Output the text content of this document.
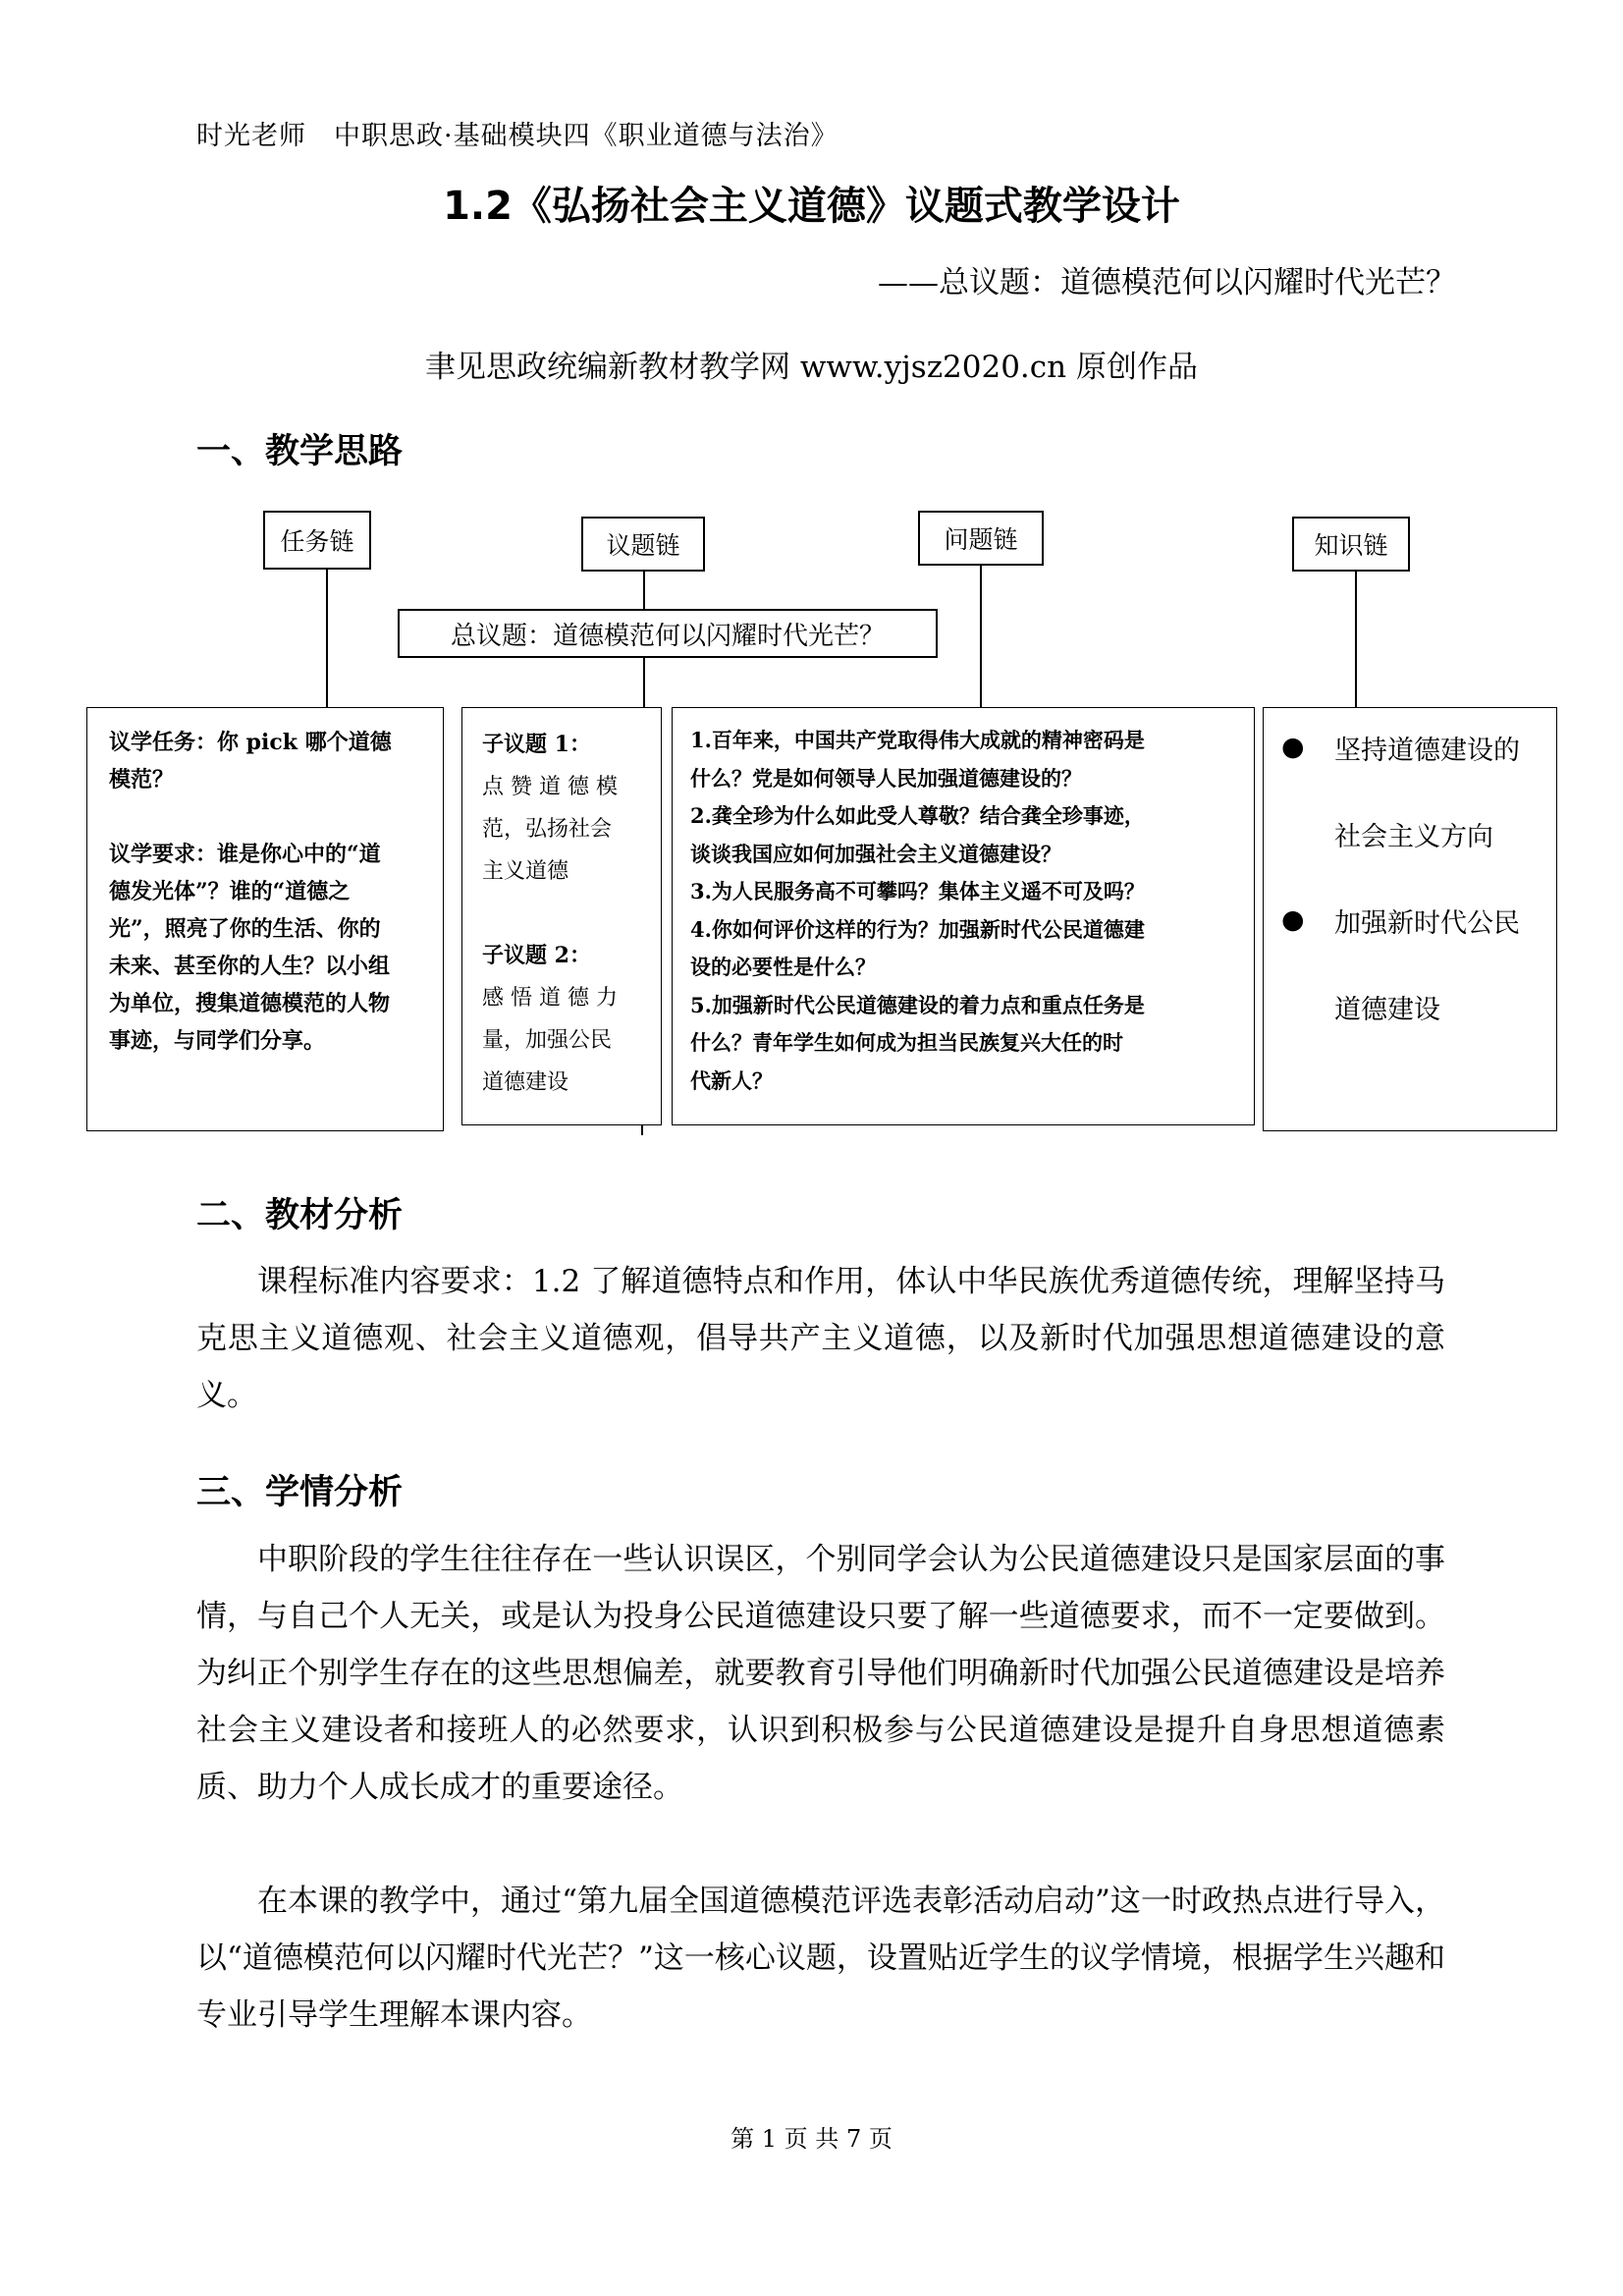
时光老师　中职思政·基础模块四《职业道德与法治》
1.2《弘扬社会主义道德》议题式教学设计
——总议题：道德模范何以闪耀时代光芒？
聿见思政统编新教材教学网 www.yjsz2020.cn 原创作品
一、教学思路
任务链	议题链	问题链	知识链
总议题：道德模范何以闪耀时代光芒？
议学任务：你 pick 哪个道德
模范？
议学要求：谁是你心中的“道
德发光体”？谁的“道德之
光”，照亮了你的生活、你的
未来、甚至你的人生？以小组
为单位，搜集道德模范的人物
事迹，与同学们分享。
子议题 1：
点 赞 道 德 模
范，弘扬社会
主义道德
子议题 2：
感 悟 道 德 力
量，加强公民
道德建设
1.百年来，中国共产党取得伟大成就的精神密码是
什么？党是如何领导人民加强道德建设的？
2.龚全珍为什么如此受人尊敬？结合龚全珍事迹，
谈谈我国应如何加强社会主义道德建设？
3.为人民服务高不可攀吗？集体主义遥不可及吗？
4.你如何评价这样的行为？加强新时代公民道德建
设的必要性是什么？
5.加强新时代公民道德建设的着力点和重点任务是
什么？青年学生如何成为担当民族复兴大任的时
代新人？
● 坚持道德建设的
社会主义方向
● 加强新时代公民
道德建设
二、教材分析
课程标准内容要求：1.2 了解道德特点和作用，体认中华民族优秀道德传统，理解坚持马克思主义道德观、社会主义道德观，倡导共产主义道德，以及新时代加强思想道德建设的意义。
三、学情分析
中职阶段的学生往往存在一些认识误区，个别同学会认为公民道德建设只是国家层面的事情，与自己个人无关，或是认为投身公民道德建设只要了解一些道德要求，而不一定要做到。为纠正个别学生存在的这些思想偏差，就要教育引导他们明确新时代加强公民道德建设是培养社会主义建设者和接班人的必然要求，认识到积极参与公民道德建设是提升自身思想道德素质、助力个人成长成才的重要途径。
在本课的教学中，通过“第九届全国道德模范评选表彰活动启动”这一时政热点进行导入，以“道德模范何以闪耀时代光芒？”这一核心议题，设置贴近学生的议学情境，根据学生兴趣和专业引导学生理解本课内容。
第 1 页 共 7 页
